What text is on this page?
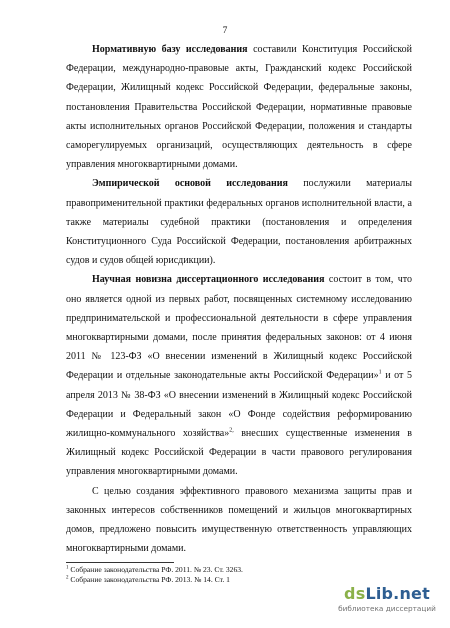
7

Нормативную базу исследования составили Конституция Российской Федерации, международно-правовые акты, Гражданский кодекс Российской Федерации, Жилищный кодекс Российской Федерации, федеральные законы, постановления Правительства Российской Федерации, нормативные правовые акты исполнительных органов Российской Федерации, положения и стандарты саморегулируемых организаций, осуществляющих деятельность в сфере управления многоквартирными домами.

Эмпирической основой исследования послужили материалы правоприменительной практики федеральных органов исполнительной власти, а также материалы судебной практики (постановления и определения Конституционного Суда Российской Федерации, постановления арбитражных судов и судов общей юрисдикции).

Научная новизна диссертационного исследования состоит в том, что оно является одной из первых работ, посвященных системному исследованию предпринимательской и профессиональной деятельности в сфере управления многоквартирными домами, после принятия федеральных законов: от 4 июня 2011 № 123-ФЗ «О внесении изменений в Жилищный кодекс Российской Федерации и отдельные законодательные акты Российской Федерации»$^1$ и от 5 апреля 2013 № 38-ФЗ «О внесении изменений в Жилищный кодекс Российской Федерации и Федеральный закон «О Фонде содействия реформированию жилищно-коммунального хозяйства»$^{2,}$ внесших существенные изменения в Жилищный кодекс Российской Федерации в части правового регулирования управления многоквартирными домами.

С целью создания эффективного правового механизма защиты прав и законных интересов собственников помещений и жильцов многоквартирных домов, предложено повысить имущественную ответственность управляющих многоквартирными домами.

$^1$ Собрание законодательства РФ. 2011. № 23. Ст. 3263.
$^2$ Собрание законодательства РФ. 2013. № 14. Ст. 1
dsLib.net
библиотека диссертаций
